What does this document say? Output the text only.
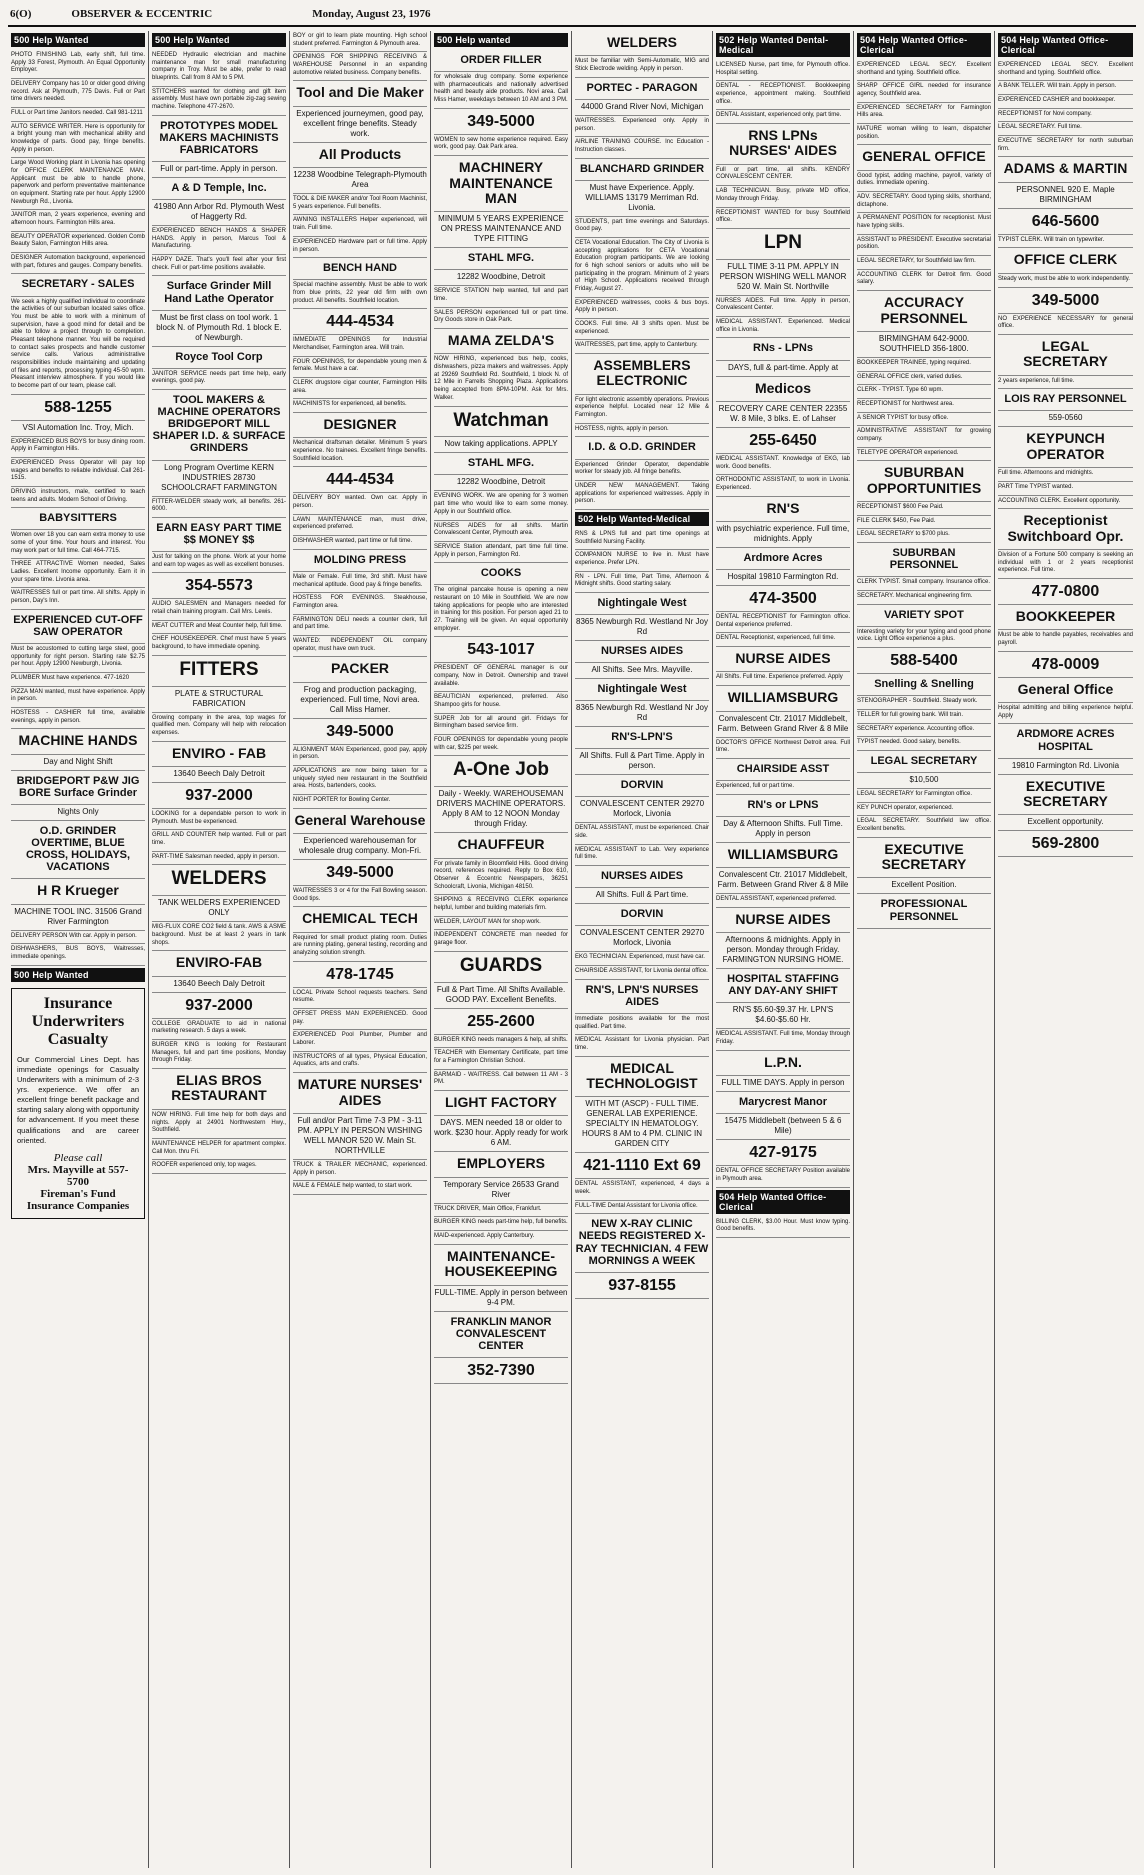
6(O)	OBSERVER & ECCENTRIC	Monday, August 23, 1976
500 Help Wanted
PHOTO FINISHING Lab, early shift, full time. Apply 33 Forest, Plymouth. An Equal Opportunity Employer.
DELIVERY Company has 10 or older good driving record. Ask at Plymouth, 775 Davis. Full or Part time drivers needed.
FULL or Part time Janitors needed. Call 981-1211
AUTO SERVICE WRITER. Here is opportunity for a bright young man with mechanical ability and knowledge of parts. Good pay, fringe benefits. Apply in person.
Large Wood Working plant in Livonia has opening for OFFICE CLERK MAINTENANCE MAN. Applicant must be able to handle phone, paperwork and perform preventative maintenance on equipment. Starting rate per hour. Apply 12900 Newburgh Rd., Livonia.
JANITOR man, 2 years experience, evening and afternoon hours. Farmington Hills area.
BEAUTY OPERATOR experienced. Golden Comb Beauty Salon, Farmington Hills area.
DESIGNER Automation background, experienced with part, fixtures and gauges. Company benefits.
SECRETARY - SALES
We seek a highly qualified individual to coordinate the activities of our suburban located sales office. You must be able to work with a minimum of supervision, have a good mind for detail and be able to follow a project through to completion. Pleasant telephone manner. You will be required to contact sales prospects and handle customer service calls. Various administrative responsibilities include maintaining and updating of files and reports, processing typing 45-50 wpm. Pleasant interview atmosphere. If you would like to become part of our team, please call.
588-1255
VSI Automation Inc. Troy, Mich.
EXPERIENCED BUS BOYS for busy dining room. Apply in Farmington Hills.
EXPERIENCED Press Operator will pay top wages and benefits to reliable individual. Call 261-1515.
DRIVING instructors, male, certified to teach teens and adults. Modern School of Driving.
BABYSITTERS
Women over 18 you can earn extra money to use some of your time. Your hours and interest. You may work part or full time. Call 464-7715.
THREE ATTRACTIVE Women needed, Sales Ladies. Excellent Income opportunity. Earn it in your spare time. Livonia area.
WAITRESSES full or part time. All shifts. Apply in person, Day's Inn.
EXPERIENCED CUT-OFF SAW OPERATOR
Must be accustomed to cutting large steel, good opportunity for right person. Starting rate $2.75 per hour. Apply 12900 Newburgh, Livonia.
PLUMBER Must have experience. 477-1620
PIZZA MAN wanted, must have experience. Apply in person.
HOSTESS - CASHIER full time, available evenings, apply in person.
MACHINE HANDS
Day and Night Shift
BRIDGEPORT P&W JIG BORE Surface Grinder
Nights Only
O.D. GRINDER OVERTIME, BLUE CROSS, HOLIDAYS, VACATIONS
H R Krueger
MACHINE TOOL INC. 31506 Grand River Farmington
DELIVERY PERSON With car. Apply in person.
DISHWASHERS, BUS BOYS, Waitresses, immediate openings.
500 Help Wanted
Insurance Underwriters Casualty
Our Commercial Lines Dept. has immediate openings for Casualty Underwriters with a minimum of 2-3 yrs. experience. We offer an excellent fringe benefit package and starting salary along with opportunity for advancement. If you meet these qualifications and are career oriented.
Please call
Mrs. Mayville at 557-5700
Fireman's Fund Insurance Companies
500 Help Wanted
NEEDED Hydraulic electrician and machine maintenance man for small manufacturing company in Troy. Must be able, prefer to read blueprints. Call from 8 AM to 5 PM.
STITCHERS wanted for clothing and gift item assembly. Must have own portable zig-zag sewing machine. Telephone 477-2670.
PROTOTYPES MODEL MAKERS MACHINISTS FABRICATORS
Full or part-time. Apply in person.
A & D Temple, Inc.
41980 Ann Arbor Rd. Plymouth West of Haggerty Rd.
EXPERIENCED BENCH HANDS & SHAPER HANDS. Apply in person, Marcus Tool & Manufacturing.
HAPPY DAZE. That's you'll feel after your first check. Full or part-time positions available.
Surface Grinder Mill Hand Lathe Operator
Must be first class on tool work. 1 block N. of Plymouth Rd. 1 block E. of Newburgh.
Royce Tool Corp
JANITOR SERVICE needs part time help, early evenings, good pay.
TOOL MAKERS & MACHINE OPERATORS BRIDGEPORT MILL SHAPER I.D. & SURFACE GRINDERS
Long Program Overtime KERN INDUSTRIES 28730 SCHOOLCRAFT FARMINGTON
FITTER-WELDER steady work, all benefits. 261-6000.
EARN EASY PART TIME $$ MONEY $$
Just for talking on the phone. Work at your home and earn top wages as well as excellent bonuses.
354-5573
AUDIO SALESMEN and Managers needed for retail chain training program. Call Mrs. Lewis.
MEAT CUTTER and Meat Counter help, full time.
CHEF HOUSEKEEPER. Chef must have 5 years background, to have immediate opening.
FITTERS
PLATE & STRUCTURAL FABRICATION
Growing company in the area, top wages for qualified men. Company will help with relocation expenses.
ENVIRO - FAB
13640 Beech Daly Detroit
937-2000
LOOKING for a dependable person to work in Plymouth. Must be experienced.
GRILL AND COUNTER help wanted. Full or part time.
PART-TIME Salesman needed, apply in person.
WELDERS
TANK WELDERS EXPERIENCED ONLY
MIG-FLUX CORE CO2 field & tank. AWS & ASME background. Must be at least 2 years in tank shops.
ENVIRO-FAB
13640 Beech Daly Detroit
937-2000
COLLEGE GRADUATE to aid in national marketing research. 5 days a week.
BURGER KING is looking for Restaurant Managers, full and part time positions, Monday through Friday.
ELIAS BROS RESTAURANT
NOW HIRING. Full time help for both days and nights. Apply at 24901 Northwestern Hwy., Southfield.
MAINTENANCE HELPER for apartment complex. Call Mon. thru Fri.
ROOFER experienced only, top wages.
BOY or girl to learn plate mounting. High school student preferred. Farmington & Plymouth area.
OPENINGS FOR SHIPPING RECEIVING & WAREHOUSE Personnel in an expanding automotive related business. Company benefits.
Tool and Die Maker
Experienced journeymen, good pay, excellent fringe benefits. Steady work.
All Products
12238 Woodbine Telegraph-Plymouth Area
TOOL & DIE MAKER and/or Tool Room Machinist, 5 years experience. Full benefits.
AWNING INSTALLERS Helper experienced, will train. Full time.
EXPERIENCED Hardware part or full time. Apply in person.
BENCH HAND
Special machine assembly. Must be able to work from blue prints, 22 year old firm with own product. All benefits. Southfield location.
444-4534
IMMEDIATE OPENINGS for Industrial Merchandiser, Farmington area. Will train.
FOUR OPENINGS, for dependable young men & female. Must have a car.
CLERK drugstore cigar counter, Farmington Hills area.
MACHINISTS for experienced, all benefits.
DESIGNER
Mechanical draftsman detailer. Minimum 5 years experience. No trainees. Excellent fringe benefits. Southfield location.
444-4534
DELIVERY BOY wanted. Own car. Apply in person.
LAWN MAINTENANCE man, must drive, experienced preferred.
DISHWASHER wanted, part time or full time.
MOLDING PRESS
Male or Female. Full time, 3rd shift. Must have mechanical aptitude. Good pay & fringe benefits.
HOSTESS FOR EVENINGS. Steakhouse, Farmington area.
FARMINGTON DELI needs a counter clerk, full and part time.
WANTED: INDEPENDENT OIL company operator, must have own truck.
PACKER
Frog and production packaging, experienced. Full time, Novi area. Call Miss Hamer.
349-5000
ALIGNMENT MAN Experienced, good pay, apply in person.
APPLICATIONS are now being taken for a uniquely styled new restaurant in the Southfield area. Hosts, bartenders, cooks.
NIGHT PORTER for Bowling Center.
General Warehouse
Experienced warehouseman for wholesale drug company. Mon-Fri.
349-5000
WAITRESSES 3 or 4 for the Fall Bowling season. Good tips.
CHEMICAL TECH
Required for small product plating room. Duties are running plating, general testing, recording and analyzing solution strength.
478-1745
LOCAL Private School requests teachers. Send resume.
OFFSET PRESS MAN EXPERIENCED. Good pay.
EXPERIENCED Pool Plumber, Plumber and Laborer.
INSTRUCTORS of all types, Physical Education, Aquatics, arts and crafts.
MATURE NURSES' AIDES
Full and/or Part Time 7-3 PM - 3-11 PM. APPLY IN PERSON WISHING WELL MANOR 520 W. Main St. NORTHVILLE
TRUCK & TRAILER MECHANIC, experienced. Apply in person.
MALE & FEMALE help wanted, to start work.
500 Help wanted
ORDER FILLER
for wholesale drug company. Some experience with pharmaceuticals and nationally advertised health and beauty aide products. Novi area. Call Miss Hamer, weekdays between 10 AM and 3 PM.
349-5000
WOMEN to sew home experience required. Easy work, good pay. Oak Park area.
MACHINERY MAINTENANCE MAN
MINIMUM 5 YEARS EXPERIENCE ON PRESS MAINTENANCE AND TYPE FITTING
STAHL MFG.
12282 Woodbine, Detroit
SERVICE STATION help wanted, full and part time.
SALES PERSON experienced full or part time. Dry Goods store in Oak Park.
MAMA ZELDA'S
NOW HIRING, experienced bus help, cooks, dishwashers, pizza makers and waitresses. Apply at 29269 Southfield Rd. Southfield, 1 block N. of 12 Mile in Farrells Shopping Plaza. Applications being accepted from 8PM-10PM. Ask for Mrs. Walker.
Watchman
Now taking applications. APPLY
STAHL MFG.
12282 Woodbine, Detroit
EVENING WORK. We are opening for 3 women part time who would like to earn some money. Apply in our Southfield office.
NURSES AIDES for all shifts. Martin Convalescent Center, Plymouth area.
SERVICE Station attendant, part time full time. Apply in person, Farmington Rd.
COOKS
The original pancake house is opening a new restaurant on 10 Mile in Southfield. We are now taking applications for people who are interested in training for this position. For person aged 21 to 27. Training will be given. An equal opportunity employer.
543-1017
PRESIDENT OF GENERAL manager is our company, Now in Detroit. Ownership and travel available.
BEAUTICIAN experienced, preferred. Also Shampoo girls for house.
SUPER Job for all around girl. Fridays for Birmingham based service firm.
FOUR OPENINGS for dependable young people with car, $225 per week.
A-One Job
Daily - Weekly. WAREHOUSEMAN DRIVERS MACHINE OPERATORS. Apply 8 AM to 12 NOON Monday through Friday.
CHAUFFEUR
For private family in Bloomfield Hills. Good driving record, references required. Reply to Box 610, Observer & Eccentric Newspapers, 36251 Schoolcraft, Livonia, Michigan 48150.
SHIPPING & RECEIVING CLERK experience helpful, lumber and building materials firm.
WELDER, LAYOUT MAN for shop work.
INDEPENDENT CONCRETE man needed for garage floor.
GUARDS
Full & Part Time. All Shifts Available. GOOD PAY. Excellent Benefits.
255-2600
BURGER KING needs managers & help, all shifts.
TEACHER with Elementary Certificate, part time for a Farmington Christian School.
BARMAID - WAITRESS. Call between 11 AM - 3 PM.
LIGHT FACTORY
DAYS. MEN needed 18 or older to work. $230 hour. Apply ready for work 6 AM.
EMPLOYERS
Temporary Service 26533 Grand River
TRUCK DRIVER, Main Office, Frankfurt.
BURGER KING needs part-time help, full benefits.
MAID-experienced. Apply Canterbury.
MAINTENANCE-HOUSEKEEPING
FULL-TIME. Apply in person between 9-4 PM.
FRANKLIN MANOR CONVALESCENT CENTER
352-7390
WELDERS
Must be familiar with Semi-Automatic, MIG and Stick Electrode welding. Apply in person.
PORTEC - PARAGON
44000 Grand River Novi, Michigan
WAITRESSES. Experienced only. Apply in person.
AIRLINE TRAINING COURSE. Inc Education - Instruction classes.
BLANCHARD GRINDER
Must have Experience. Apply. WILLIAMS 13179 Merriman Rd. Livonia.
STUDENTS, part time evenings and Saturdays. Good pay.
CETA Vocational Education. The City of Livonia is accepting applications for CETA Vocational Education program participants. We are looking for 6 high school seniors or adults who will be participating in the program. Minimum of 2 years of High School. Applications received through Friday, August 27.
EXPERIENCED waitresses, cooks & bus boys. Apply in person.
COOKS. Full time. All 3 shifts open. Must be experienced.
WAITRESSES, part time, apply to Canterbury.
ASSEMBLERS ELECTRONIC
For light electronic assembly operations. Previous experience helpful. Located near 12 Mile & Farmington.
HOSTESS, nights, apply in person.
I.D. & O.D. GRINDER
Experienced Grinder Operator, dependable worker for steady job. All fringe benefits.
UNDER NEW MANAGEMENT. Taking applications for experienced waitresses. Apply in person.
502 Help Wanted-Medical
RNS & LPNS full and part time openings at Southfield Nursing Facility.
COMPANION NURSE to live in. Must have experience. Prefer LPN.
RN - LPN. Full time, Part Time, Afternoon & Midnight shifts. Good starting salary.
Nightingale West
8365 Newburgh Rd. Westland Nr Joy Rd
NURSES AIDES
All Shifts. See Mrs. Mayville.
Nightingale West
8365 Newburgh Rd. Westland Nr Joy Rd
RN'S-LPN'S
All Shifts. Full & Part Time. Apply in person.
DORVIN
CONVALESCENT CENTER 29270 Morlock, Livonia
DENTAL ASSISTANT, must be experienced. Chair side.
MEDICAL ASSISTANT to Lab. Very experience full time.
NURSES AIDES
All Shifts. Full & Part time.
DORVIN
CONVALESCENT CENTER 29270 Morlock, Livonia
EKG TECHNICIAN. Experienced, must have car.
CHAIRSIDE ASSISTANT, for Livonia dental office.
RN'S, LPN'S NURSES AIDES
Immediate positions available for the most qualified. Part time.
MEDICAL Assistant for Livonia physician. Part time.
MEDICAL TECHNOLOGIST
WITH MT (ASCP) - FULL TIME. GENERAL LAB EXPERIENCE. SPECIALTY IN HEMATOLOGY. HOURS 8 AM to 4 PM. CLINIC IN GARDEN CITY
421-1110 Ext 69
DENTAL ASSISTANT, experienced, 4 days a week.
FULL-TIME Dental Assistant for Livonia office.
NEW X-RAY CLINIC NEEDS REGISTERED X-RAY TECHNICIAN. 4 FEW MORNINGS A WEEK
937-8155
502 Help Wanted Dental-Medical
LICENSED Nurse, part time, for Plymouth office. Hospital setting.
DENTAL - RECEPTIONIST. Bookkeeping experience, appointment making. Southfield office.
DENTAL Assistant, experienced only, part time.
RNS LPNs NURSES' AIDES
Full or part time, all shifts. KENDRY CONVALESCENT CENTER.
LAB TECHNICIAN. Busy, private MD office, Monday through Friday.
RECEPTIONIST WANTED for busy Southfield office.
LPN
FULL TIME 3-11 PM. APPLY IN PERSON WISHING WELL MANOR 520 W. Main St. Northville
NURSES AIDES. Full time. Apply in person, Convalescent Center.
MEDICAL ASSISTANT. Experienced. Medical office in Livonia.
RNs - LPNs
DAYS, full & part-time. Apply at
Medicos
RECOVERY CARE CENTER 22355 W. 8 Mile, 3 blks. E. of Lahser
255-6450
MEDICAL ASSISTANT. Knowledge of EKG, lab work. Good benefits.
ORTHODONTIC ASSISTANT, to work in Livonia. Experienced.
RN'S
with psychiatric experience. Full time, midnights. Apply
Ardmore Acres
Hospital 19810 Farmington Rd.
474-3500
DENTAL RECEPTIONIST for Farmington office. Dental experience preferred.
DENTAL Receptionist, experienced, full time.
NURSE AIDES
All Shifts. Full time. Experience preferred. Apply
WILLIAMSBURG
Convalescent Ctr. 21017 Middlebelt, Farm. Between Grand River & 8 Mile
DOCTOR'S OFFICE Northwest Detroit area. Full time.
CHAIRSIDE ASST
Experienced, full or part time.
RN's or LPNS
Day & Afternoon Shifts. Full Time. Apply in person
WILLIAMSBURG
Convalescent Ctr. 21017 Middlebelt, Farm. Between Grand River & 8 Mile
DENTAL ASSISTANT, experienced preferred.
NURSE AIDES
Afternoons & midnights. Apply in person. Monday through Friday. FARMINGTON NURSING HOME.
HOSPITAL STAFFING ANY DAY-ANY SHIFT
RN'S $5.60-$9.37 Hr. LPN'S $4.60-$5.60 Hr.
MEDICAL ASSISTANT. Full time, Monday through Friday.
L.P.N.
FULL TIME DAYS. Apply in person
Marycrest Manor
15475 Middlebelt (between 5 & 6 Mile)
427-9175
DENTAL OFFICE SECRETARY Position available in Plymouth area.
504 Help Wanted Office-Clerical
BILLING CLERK, $3.00 Hour. Must know typing. Good benefits.
504 Help Wanted Office-Clerical
EXPERIENCED LEGAL SECY. Excellent shorthand and typing. Southfield office.
SHARP OFFICE GIRL needed for insurance agency, Southfield area.
EXPERIENCED SECRETARY for Farmington Hills area.
MATURE woman willing to learn, dispatcher position.
GENERAL OFFICE
Good typist, adding machine, payroll, variety of duties. Immediate opening.
ADV. SECRETARY. Good typing skills, shorthand, dictaphone.
A PERMANENT POSITION for receptionist. Must have typing skills.
ASSISTANT to PRESIDENT. Executive secretarial position.
LEGAL SECRETARY, for Southfield law firm.
ACCOUNTING CLERK for Detroit firm. Good salary.
ACCURACY PERSONNEL
BIRMINGHAM 642-9000. SOUTHFIELD 356-1800.
BOOKKEEPER TRAINEE, typing required.
GENERAL OFFICE clerk, varied duties.
CLERK - TYPIST. Type 60 wpm.
RECEPTIONIST for Northwest area.
A SENIOR TYPIST for busy office.
ADMINISTRATIVE ASSISTANT for growing company.
TELETYPE OPERATOR experienced.
SUBURBAN OPPORTUNITIES
RECEPTIONIST $600 Fee Paid.
FILE CLERK $450, Fee Paid.
LEGAL SECRETARY to $700 plus.
SUBURBAN PERSONNEL
CLERK TYPIST. Small company. Insurance office.
SECRETARY. Mechanical engineering firm.
VARIETY SPOT
Interesting variety for your typing and good phone voice. Light Office experience a plus.
588-5400
Snelling & Snelling
STENOGRAPHER - Southfield. Steady work.
TELLER for full growing bank. Will train.
SECRETARY experience. Accounting office.
TYPIST needed. Good salary, benefits.
LEGAL SECRETARY
$10,500
LEGAL SECRETARY for Farmington office.
KEY PUNCH operator, experienced.
LEGAL SECRETARY. Southfield law office. Excellent benefits.
EXECUTIVE SECRETARY
Excellent Position.
PROFESSIONAL PERSONNEL
504 Help Wanted Office-Clerical
EXPERIENCED LEGAL SECY. Excellent shorthand and typing. Southfield office.
A BANK TELLER. Will train. Apply in person.
EXPERIENCED CASHIER and bookkeeper.
RECEPTIONIST for Novi company.
LEGAL SECRETARY. Full time.
EXECUTIVE SECRETARY for north suburban firm.
ADAMS & MARTIN
PERSONNEL 920 E. Maple BIRMINGHAM
646-5600
TYPIST CLERK. Will train on typewriter.
OFFICE CLERK
Steady work, must be able to work independently.
349-5000
NO EXPERIENCE NECESSARY for general office.
LEGAL SECRETARY
2 years experience, full time.
LOIS RAY PERSONNEL
559-0560
KEYPUNCH OPERATOR
Full time. Afternoons and midnights.
PART Time TYPIST wanted.
ACCOUNTING CLERK. Excellent opportunity.
Receptionist Switchboard Opr.
Division of a Fortune 500 company is seeking an individual with 1 or 2 years receptionist experience. Full time.
477-0800
BOOKKEEPER
Must be able to handle payables, receivables and payroll.
478-0009
General Office
Hospital admitting and billing experience helpful. Apply
ARDMORE ACRES HOSPITAL
19810 Farmington Rd. Livonia
EXECUTIVE SECRETARY
Excellent opportunity.
569-2800
